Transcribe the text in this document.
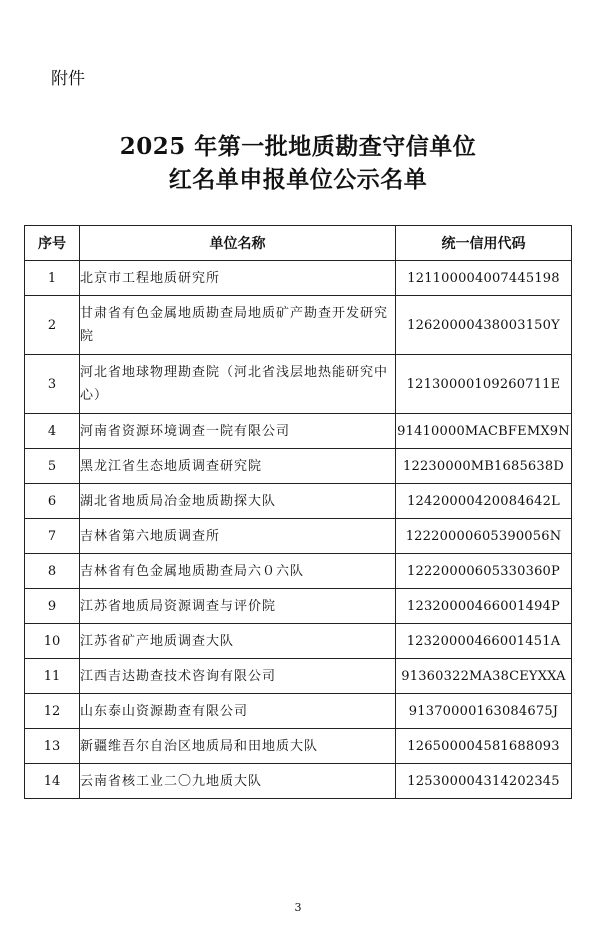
附件
2025 年第一批地质勘查守信单位
红名单申报单位公示名单
序号	单位名称	统一信用代码
1	北京市工程地质研究所	121100004007445198
2	甘肃省有色金属地质勘查局地质矿产勘查开发研究院	12620000438003150Y
3	河北省地球物理勘查院（河北省浅层地热能研究中心）	12130000109260711E
4	河南省资源环境调查一院有限公司	91410000MACBFEMX9N
5	黑龙江省生态地质调查研究院	12230000MB1685638D
6	湖北省地质局冶金地质勘探大队	12420000420084642L
7	吉林省第六地质调查所	12220000605390056N
8	吉林省有色金属地质勘查局六０六队	12220000605330360P
9	江苏省地质局资源调查与评价院	12320000466001494P
10	江苏省矿产地质调查大队	12320000466001451A
11	江西吉达勘查技术咨询有限公司	91360322MA38CEYXXA
12	山东泰山资源勘查有限公司	91370000163084675J
13	新疆维吾尔自治区地质局和田地质大队	126500004581688093
14	云南省核工业二〇九地质大队	125300004314202345
3
